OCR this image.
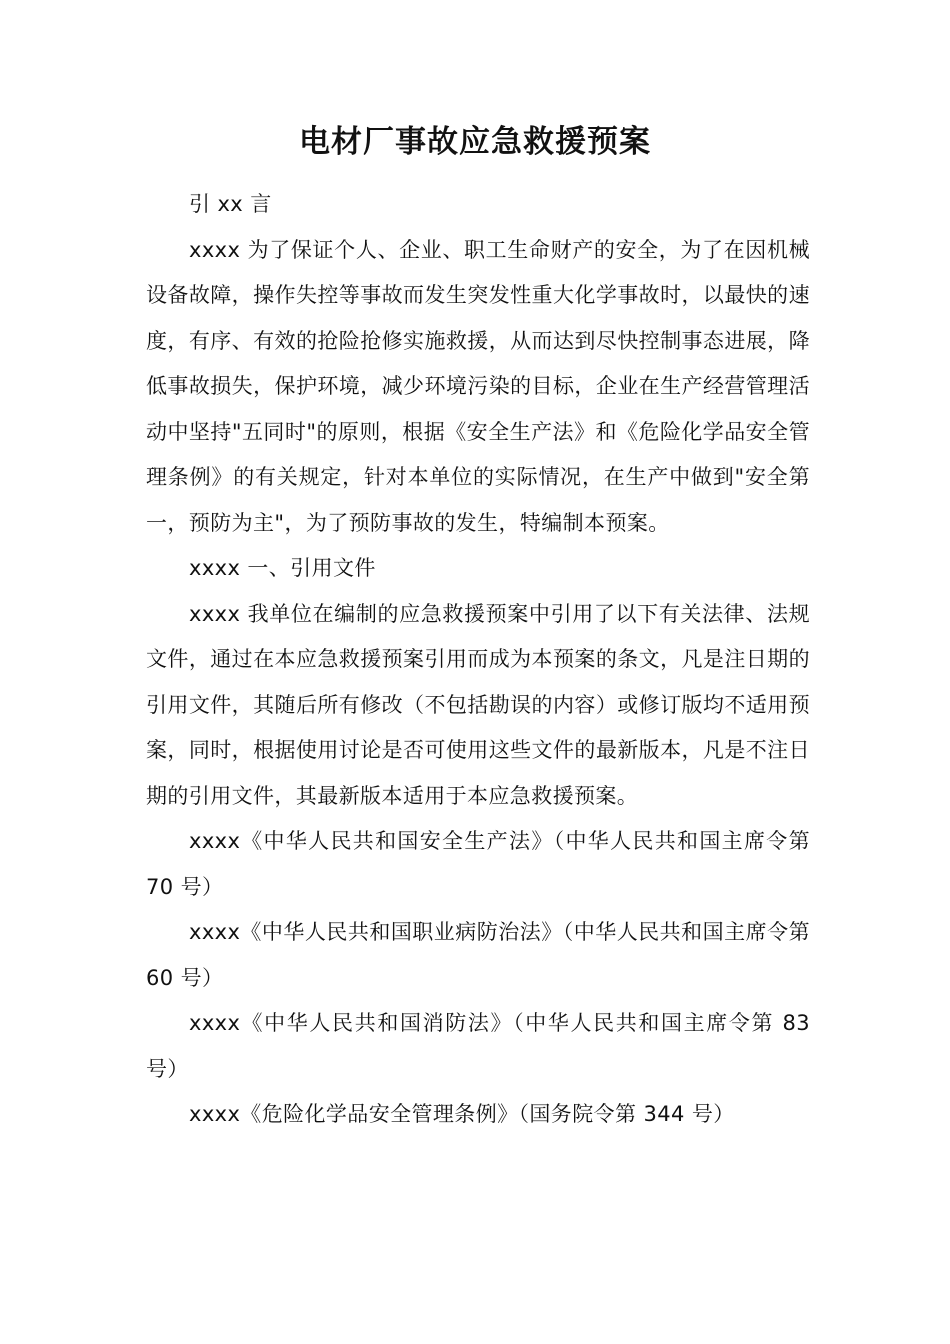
电材厂事故应急救援预案

引 xx 言

xxxx 为了保证个人、企业、职工生命财产的安全，为了在因机械设备故障，操作失控等事故而发生突发性重大化学事故时，以最快的速度，有序、有效的抢险抢修实施救援，从而达到尽快控制事态进展，降低事故损失，保护环境，减少环境污染的目标，企业在生产经营管理活动中坚持"五同时"的原则，根据《安全生产法》和《危险化学品安全管理条例》的有关规定，针对本单位的实际情况，在生产中做到"安全第一，预防为主"，为了预防事故的发生，特编制本预案。

xxxx 一、引用文件

xxxx 我单位在编制的应急救援预案中引用了以下有关法律、法规文件，通过在本应急救援预案引用而成为本预案的条文，凡是注日期的引用文件，其随后所有修改（不包括勘误的内容）或修订版均不适用预案，同时，根据使用讨论是否可使用这些文件的最新版本，凡是不注日期的引用文件，其最新版本适用于本应急救援预案。

xxxx《中华人民共和国安全生产法》（中华人民共和国主席令第 70 号）

xxxx《中华人民共和国职业病防治法》（中华人民共和国主席令第 60 号）

xxxx《中华人民共和国消防法》（中华人民共和国主席令第 83 号）

xxxx《危险化学品安全管理条例》（国务院令第 344 号）
